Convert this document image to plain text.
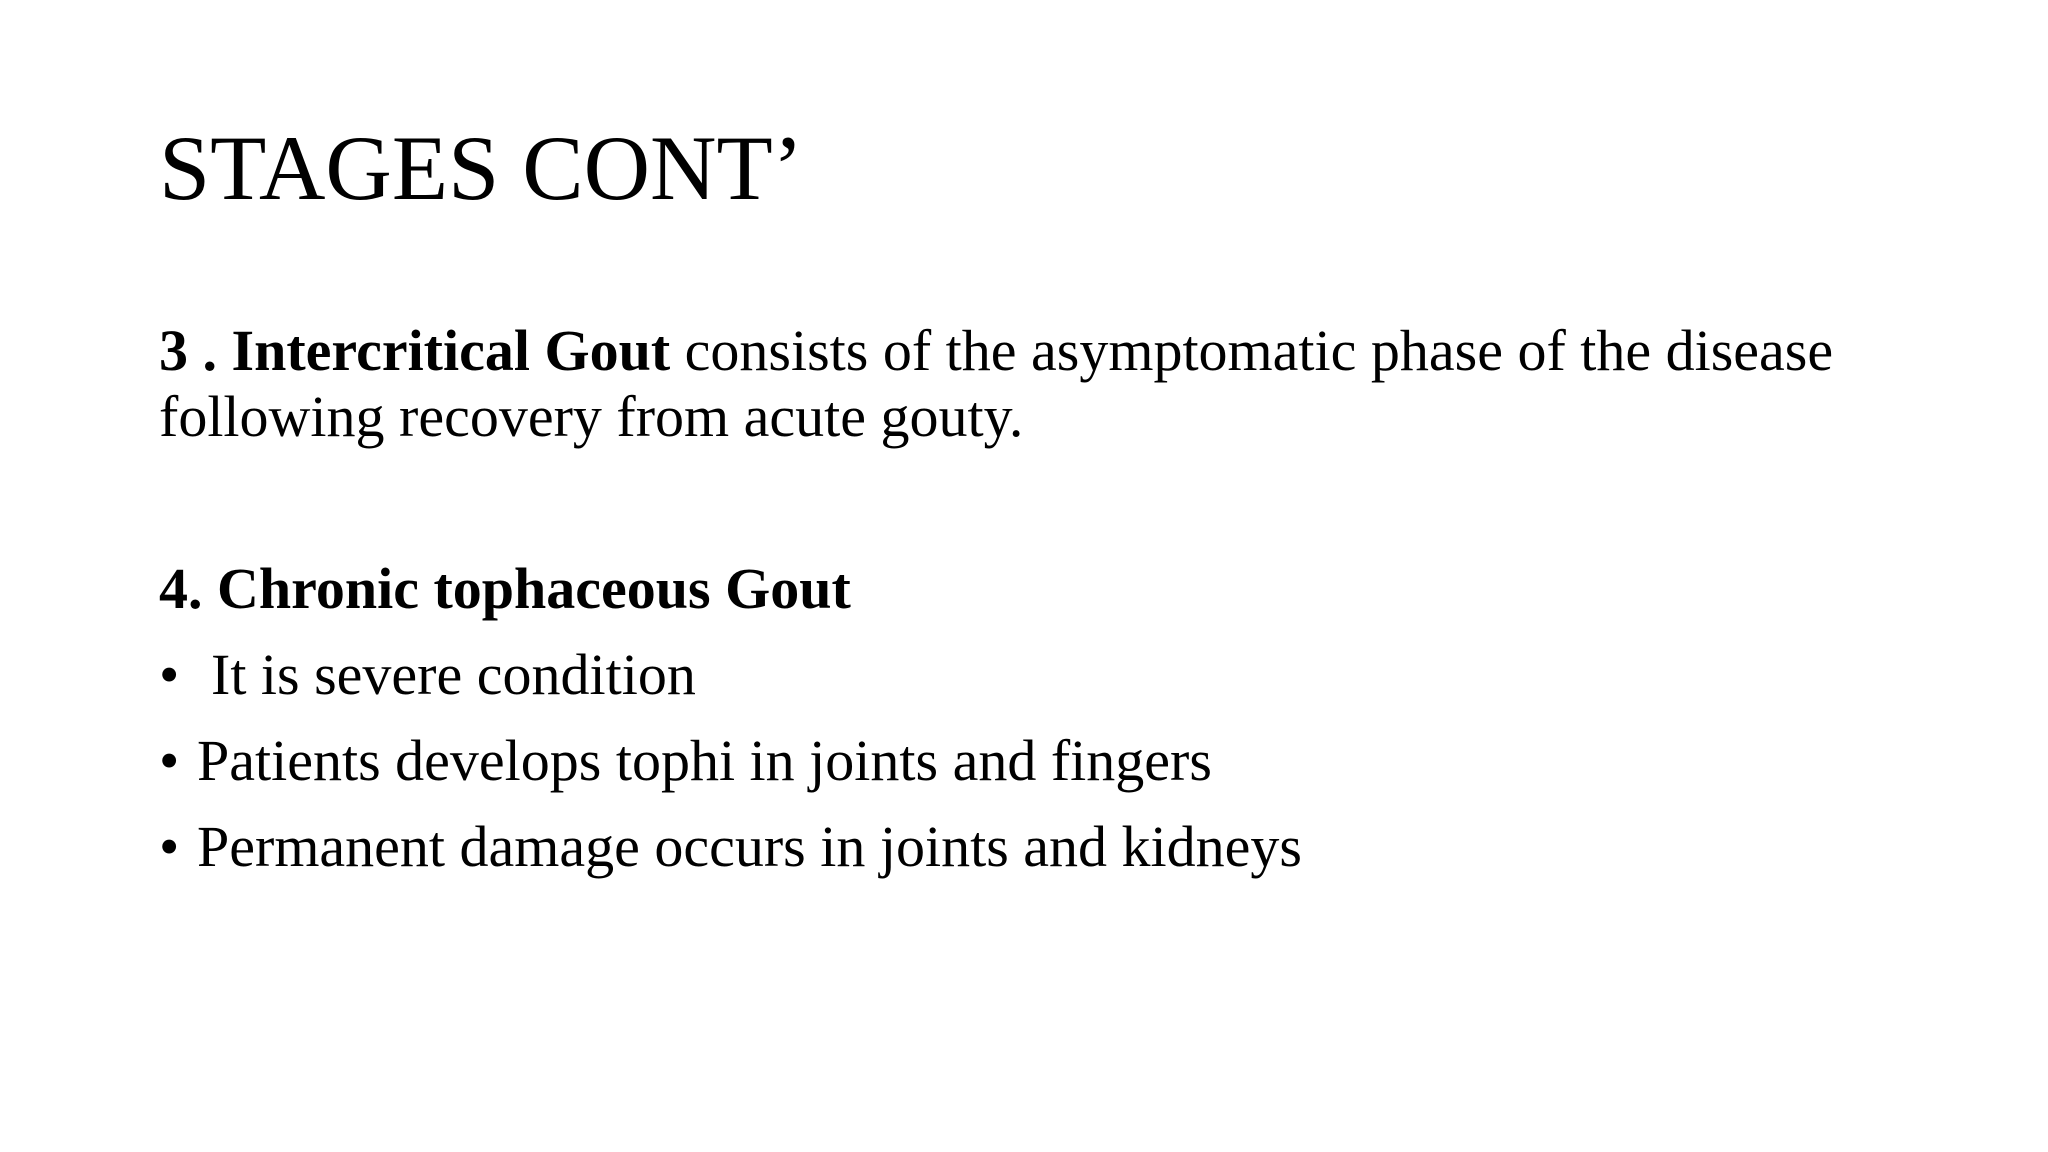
STAGES CONT’

3 . Intercritical Gout consists of the asymptomatic phase of the disease following recovery from acute gouty.

4. Chronic tophaceous Gout
• It is severe condition
• Patients develops tophi in joints and fingers
• Permanent damage occurs in joints and kidneys
